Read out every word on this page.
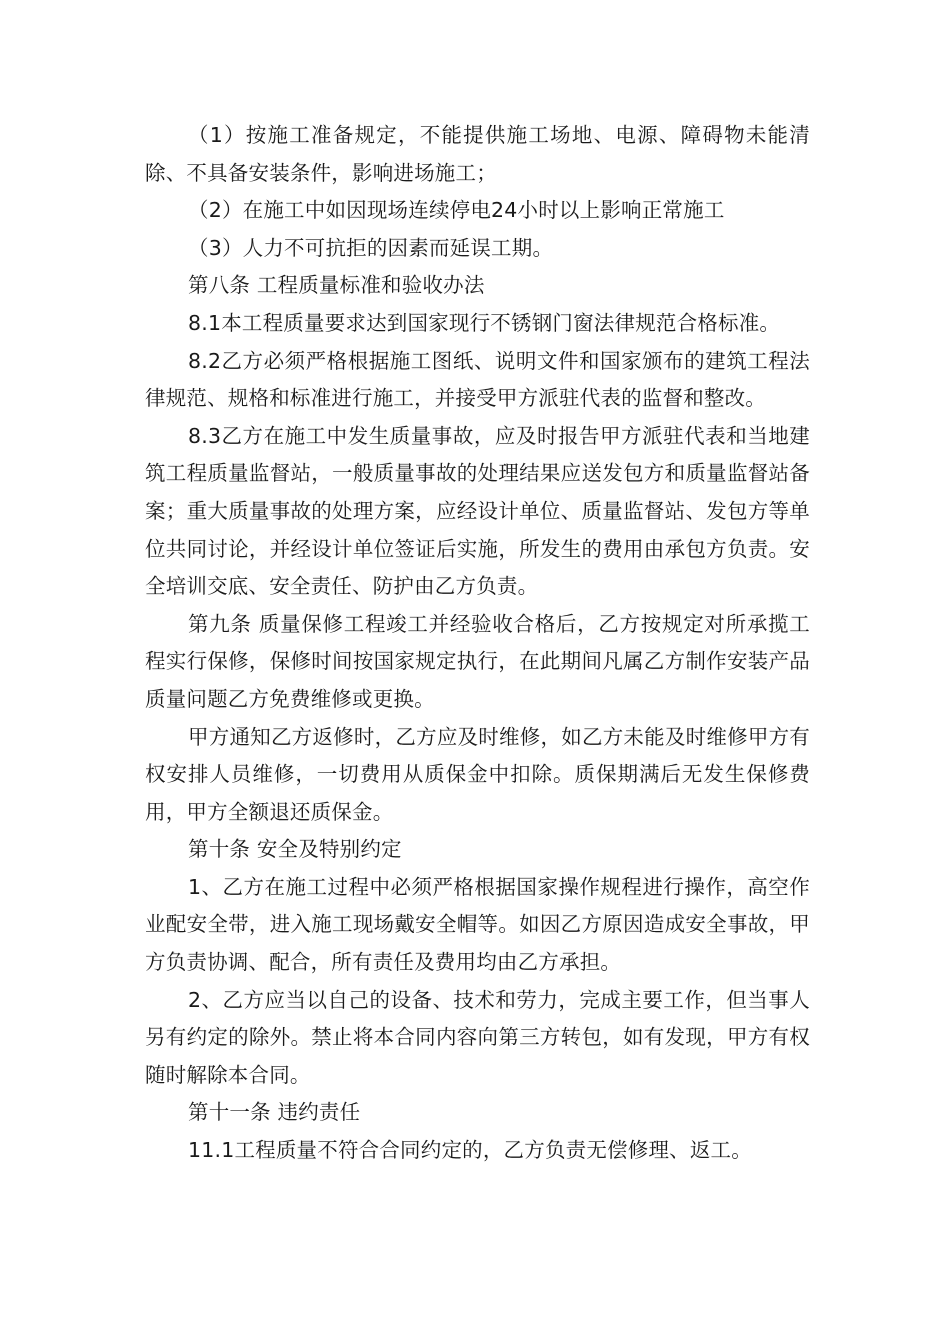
（1）按施工准备规定，不能提供施工场地、电源、障碍物未能清除、不具备安装条件，影响进场施工；

（2）在施工中如因现场连续停电24小时以上影响正常施工

（3）人力不可抗拒的因素而延误工期。

第八条 工程质量标准和验收办法

8.1本工程质量要求达到国家现行不锈钢门窗法律规范合格标准。

8.2乙方必须严格根据施工图纸、说明文件和国家颁布的建筑工程法律规范、规格和标准进行施工，并接受甲方派驻代表的监督和整改。

8.3乙方在施工中发生质量事故，应及时报告甲方派驻代表和当地建筑工程质量监督站，一般质量事故的处理结果应送发包方和质量监督站备案；重大质量事故的处理方案，应经设计单位、质量监督站、发包方等单位共同讨论，并经设计单位签证后实施，所发生的费用由承包方负责。安全培训交底、安全责任、防护由乙方负责。

第九条 质量保修工程竣工并经验收合格后，乙方按规定对所承揽工程实行保修，保修时间按国家规定执行，在此期间凡属乙方制作安装产品质量问题乙方免费维修或更换。

甲方通知乙方返修时，乙方应及时维修，如乙方未能及时维修甲方有权安排人员维修，一切费用从质保金中扣除。质保期满后无发生保修费用，甲方全额退还质保金。

第十条 安全及特别约定

1、乙方在施工过程中必须严格根据国家操作规程进行操作，高空作业配安全带，进入施工现场戴安全帽等。如因乙方原因造成安全事故，甲方负责协调、配合，所有责任及费用均由乙方承担。

2、乙方应当以自己的设备、技术和劳力，完成主要工作，但当事人另有约定的除外。禁止将本合同内容向第三方转包，如有发现，甲方有权随时解除本合同。

第十一条 违约责任

11.1工程质量不符合合同约定的，乙方负责无偿修理、返工。
